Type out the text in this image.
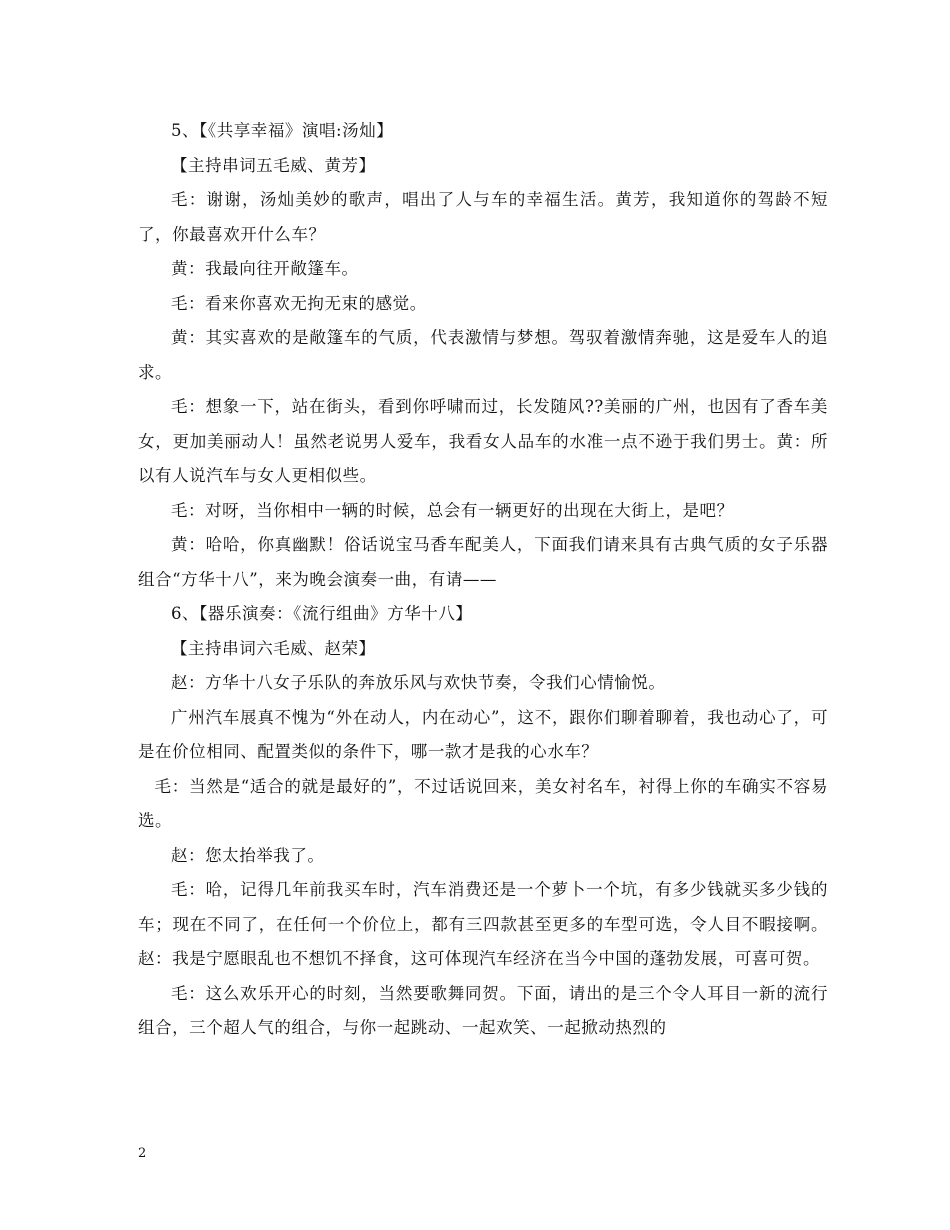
5、【《共享幸福》演唱:汤灿】

【主持串词五毛威、黄芳】

毛：谢谢，汤灿美妙的歌声，唱出了人与车的幸福生活。黄芳，我知道你的驾龄不短了，你最喜欢开什么车？

黄：我最向往开敞篷车。

毛：看来你喜欢无拘无束的感觉。

黄：其实喜欢的是敞篷车的气质，代表激情与梦想。驾驭着激情奔驰，这是爱车人的追求。

毛：想象一下，站在街头，看到你呼啸而过，长发随风??美丽的广州，也因有了香车美女，更加美丽动人！虽然老说男人爱车，我看女人品车的水准一点不逊于我们男士。黄：所以有人说汽车与女人更相似些。

毛：对呀，当你相中一辆的时候，总会有一辆更好的出现在大街上，是吧？

黄：哈哈，你真幽默！俗话说宝马香车配美人，下面我们请来具有古典气质的女子乐器组合“方华十八”，来为晚会演奏一曲，有请——

6、【器乐演奏：《流行组曲》方华十八】

【主持串词六毛威、赵荣】

赵：方华十八女子乐队的奔放乐风与欢快节奏，令我们心情愉悦。

广州汽车展真不愧为“外在动人，内在动心”，这不，跟你们聊着聊着，我也动心了，可是在价位相同、配置类似的条件下，哪一款才是我的心水车？

毛：当然是“适合的就是最好的”，不过话说回来，美女衬名车，衬得上你的车确实不容易选。

赵：您太抬举我了。

毛：哈，记得几年前我买车时，汽车消费还是一个萝卜一个坑，有多少钱就买多少钱的车；现在不同了，在任何一个价位上，都有三四款甚至更多的车型可选，令人目不暇接啊。赵：我是宁愿眼乱也不想饥不择食，这可体现汽车经济在当今中国的蓬勃发展，可喜可贺。

毛：这么欢乐开心的时刻，当然要歌舞同贺。下面，请出的是三个令人耳目一新的流行组合，三个超人气的组合，与你一起跳动、一起欢笑、一起掀动热烈的

2
